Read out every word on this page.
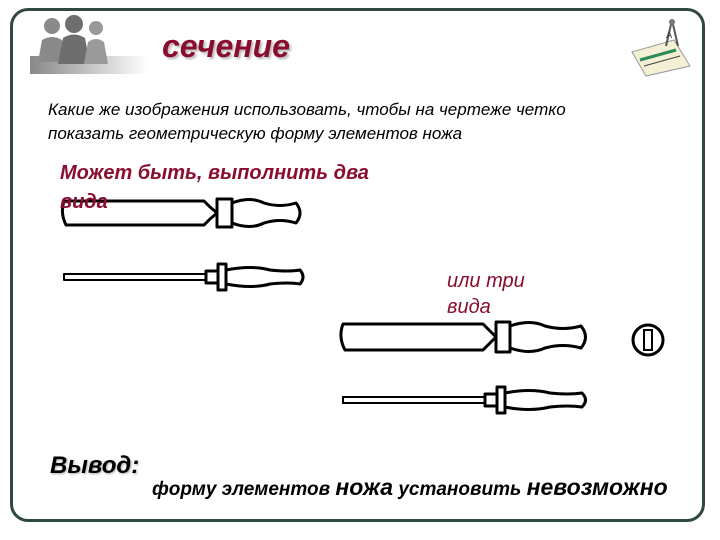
A
сечение
Какие же изображения использовать, чтобы на чертеже четко показать геометрическую форму элементов ножа
Может быть, выполнить два вида
или три вида
Вывод:
форму элементов ножа установить невозможно
